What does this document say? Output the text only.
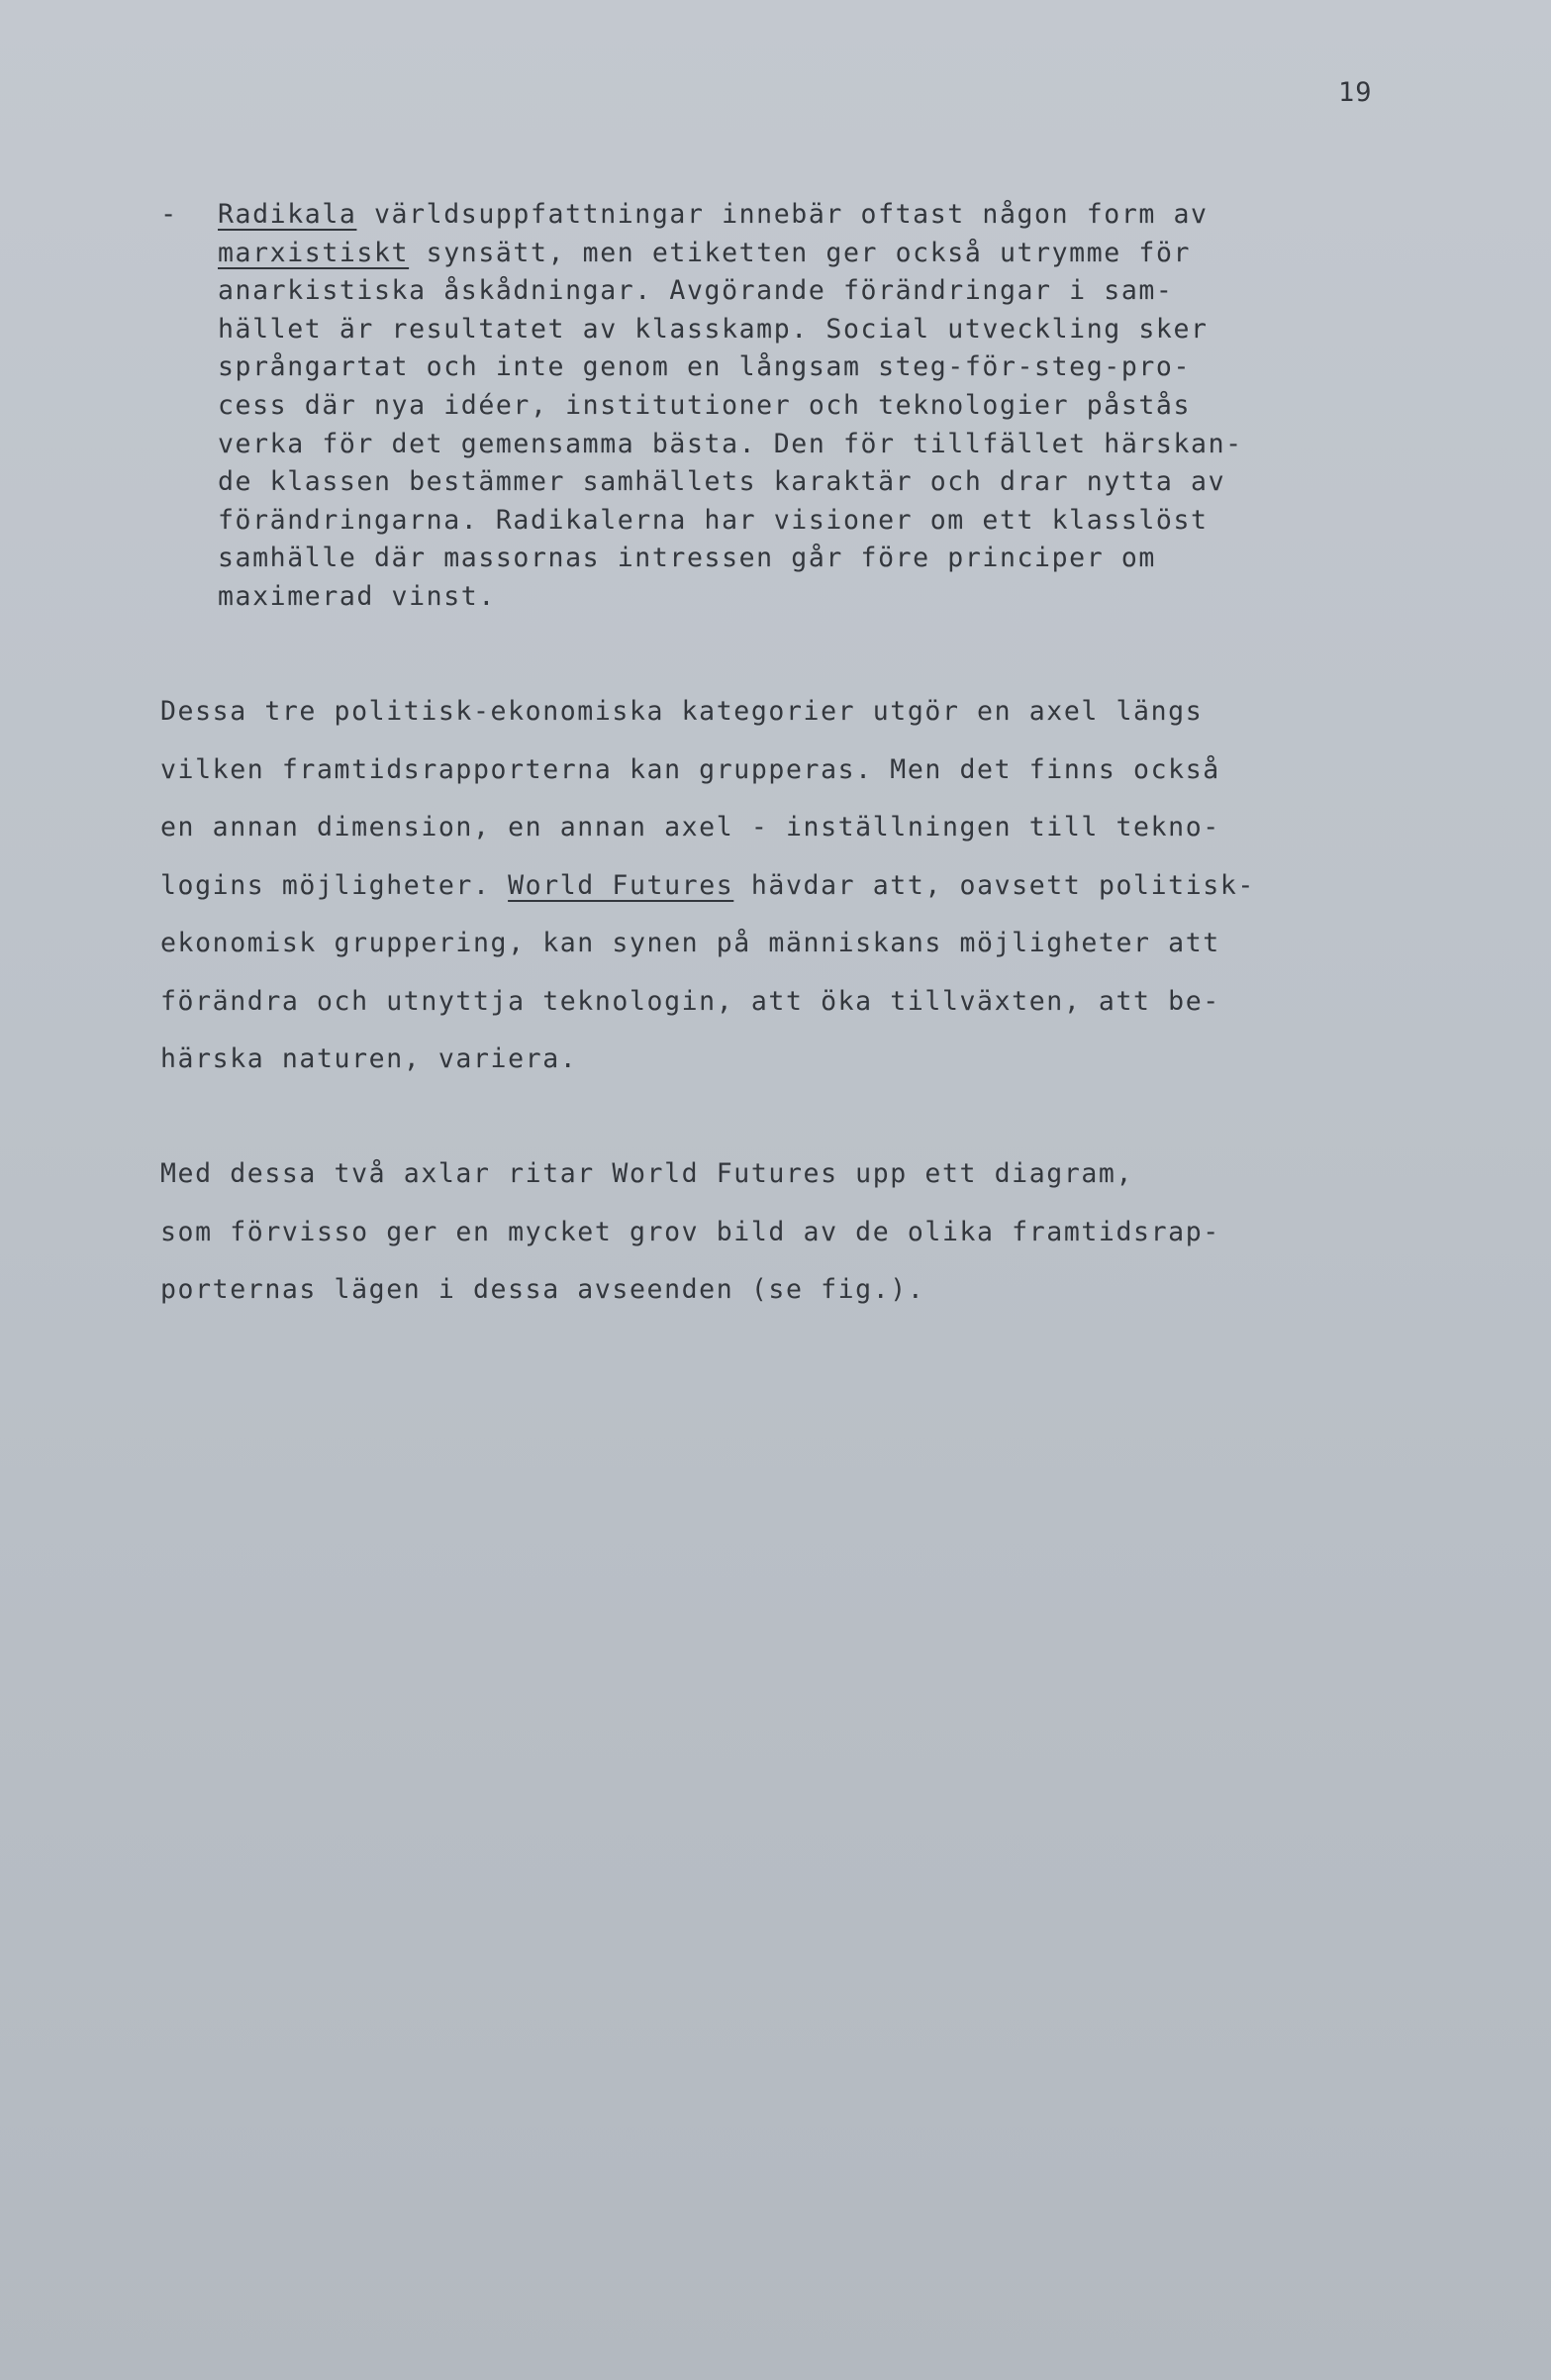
19
- Radikala världsuppfattningar innebär oftast någon form av
marxistiskt synsätt, men etiketten ger också utrymme för
anarkistiska åskådningar. Avgörande förändringar i sam-
hället är resultatet av klasskamp. Social utveckling sker
språngartat och inte genom en långsam steg-för-steg-pro-
cess där nya idéer, institutioner och teknologier påstås
verka för det gemensamma bästa. Den för tillfället härskan-
de klassen bestämmer samhällets karaktär och drar nytta av
förändringarna. Radikalerna har visioner om ett klasslöst
samhälle där massornas intressen går före principer om
maximerad vinst.
Dessa tre politisk-ekonomiska kategorier utgör en axel längs
vilken framtidsrapporterna kan grupperas. Men det finns också
en annan dimension, en annan axel - inställningen till tekno-
logins möjligheter. World Futures hävdar att, oavsett politisk-
ekonomisk gruppering, kan synen på människans möjligheter att
förändra och utnyttja teknologin, att öka tillväxten, att be-
härska naturen, variera.
Med dessa två axlar ritar World Futures upp ett diagram,
som förvisso ger en mycket grov bild av de olika framtidsrap-
porternas lägen i dessa avseenden (se fig.).
